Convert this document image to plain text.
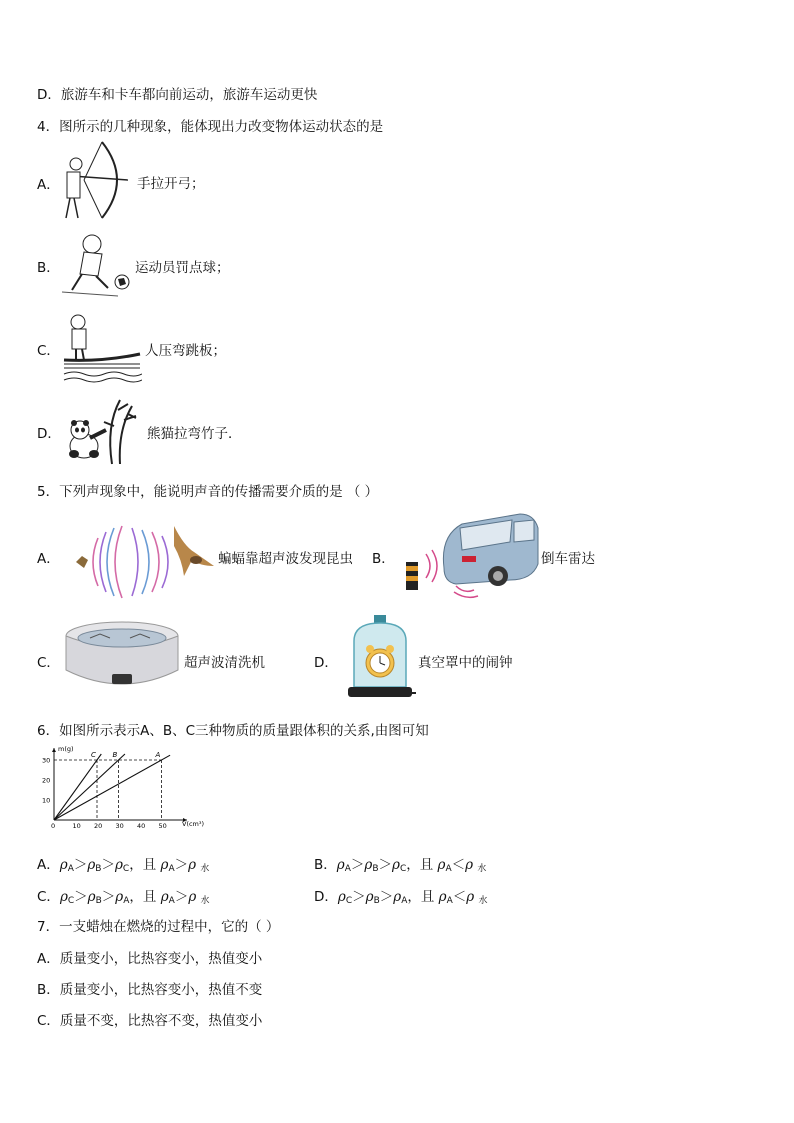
D．旅游车和卡车都向前运动，旅游车运动更快
4．图所示的几种现象，能体现出力改变物体运动状态的是
A．	手拉开弓；
B．	运动员罚点球；
C．	人压弯跳板；
D．	熊猫拉弯竹子．
5．下列声现象中，能说明声音的传播需要介质的是 （ ）
A．	蝙蝠靠超声波发现昆虫 B．	倒车雷达
C．	超声波清洗机	D．	真空罩中的闹钟
6．如图所示表示A、B、C三种物质的质量跟体积的关系,由图可知
0	10 20 30 40 50
10
20
30
C B	A
m(g)
V(cm³)
A．$\rho_A>\rho_B>\rho_C$，且 $\rho_A>\rho$ $_水$	B．$\rho_A>\rho_B>\rho_C$，且 $\rho_A<\rho$ $_水$
C．$\rho_C>\rho_B>\rho_A$，且 $\rho_A>\rho$ $_水$	D．$\rho_C>\rho_B>\rho_A$，且 $\rho_A<\rho$ $_水$
7．一支蜡烛在燃烧的过程中，它的（ ）
A．质量变小，比热容变小，热值变小
B．质量变小，比热容变小，热值不变
C．质量不变，比热容不变，热值变小
